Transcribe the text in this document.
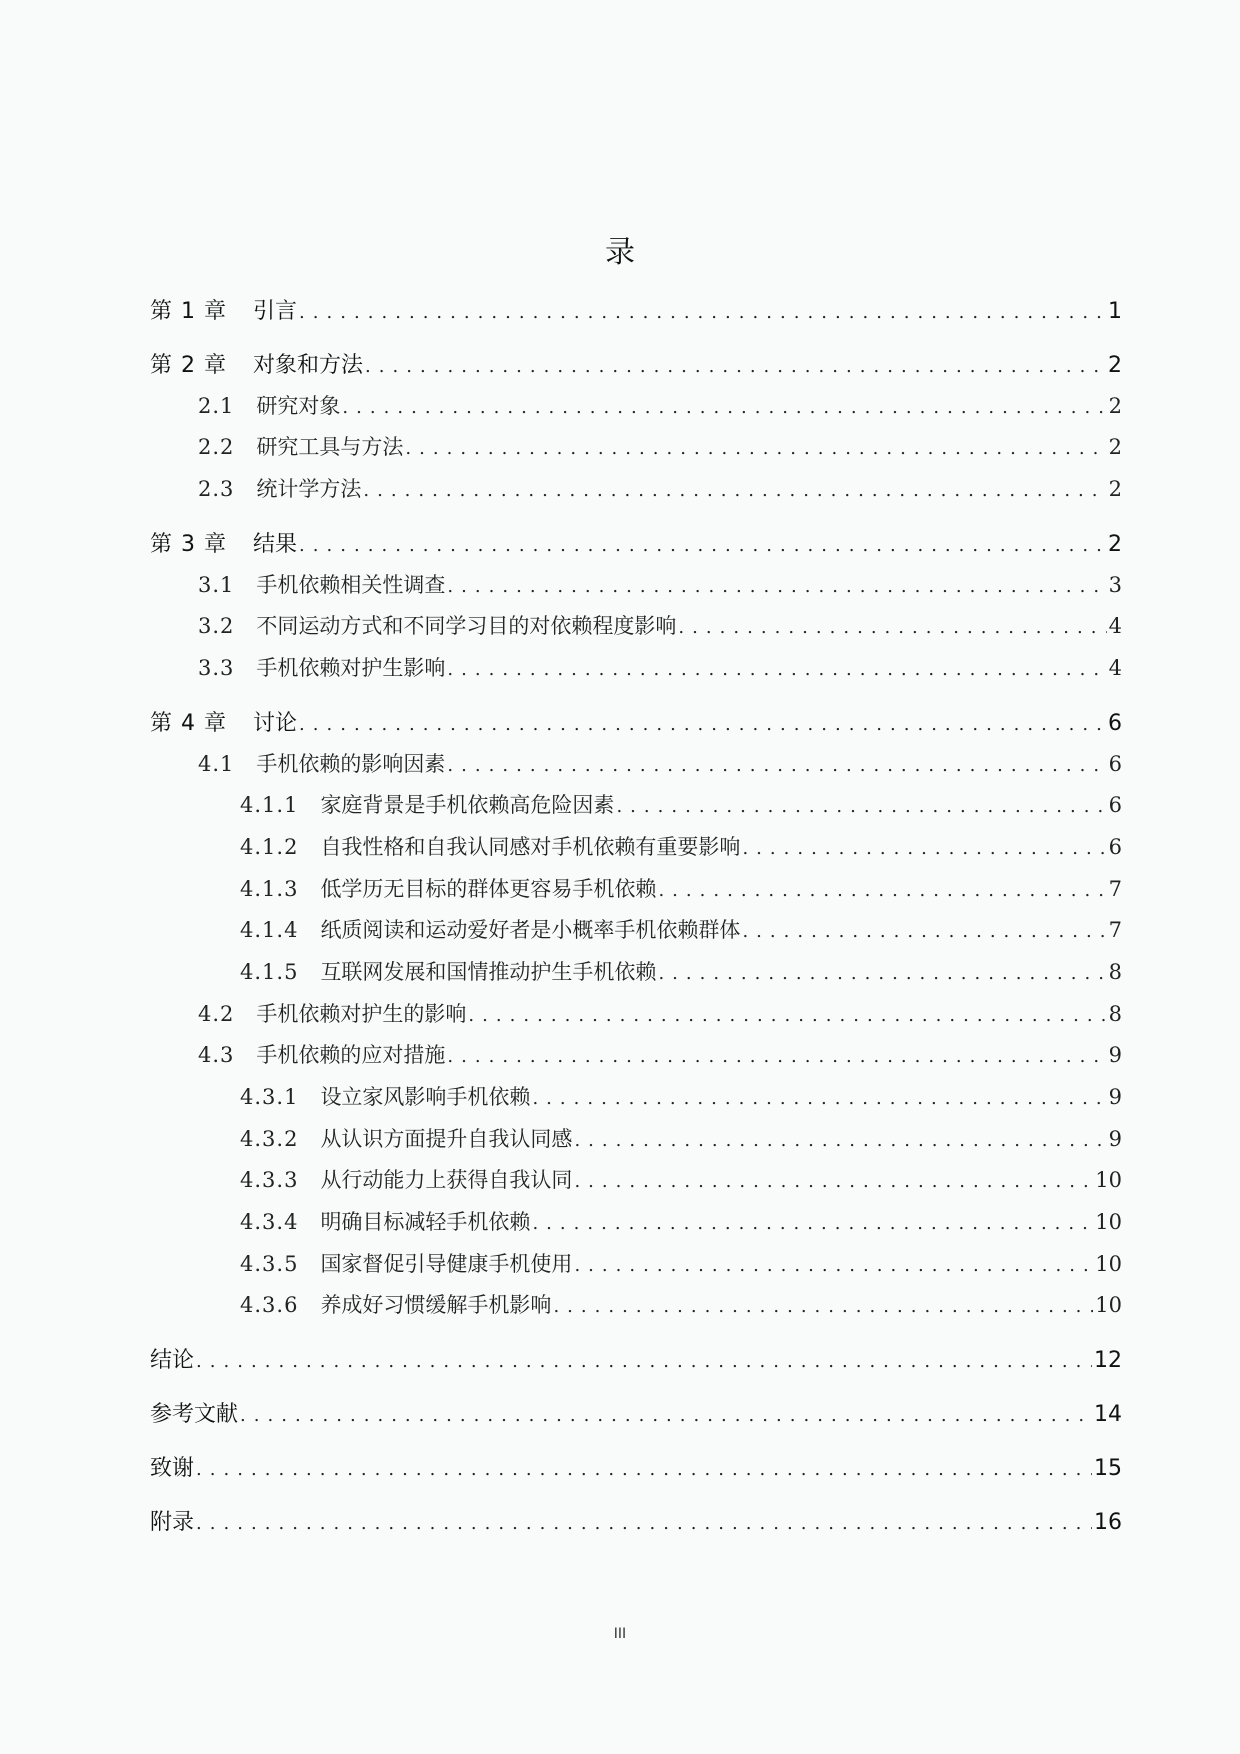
录
第 1 章 引言 . . .	1
第 2 章 对象和方法 . . .	2
2.1 研究对象 . . .	2
2.2 研究工具与方法 . . .	2
2.3 统计学方法 . . .	2
第 3 章 结果 . . .	2
3.1 手机依赖相关性调查 . . .	3
3.2 不同运动方式和不同学习目的对依赖程度影响 . . .	4
3.3 手机依赖对护生影响 . . .	4
第 4 章 讨论 . . .	6
4.1 手机依赖的影响因素 . . .	6
4.1.1 家庭背景是手机依赖高危险因素 . . .	6
4.1.2 自我性格和自我认同感对手机依赖有重要影响 . . .	6
4.1.3 低学历无目标的群体更容易手机依赖 . . .	7
4.1.4 纸质阅读和运动爱好者是小概率手机依赖群体 . . .	7
4.1.5 互联网发展和国情推动护生手机依赖 . . .	8
4.2 手机依赖对护生的影响 . . .	8
4.3 手机依赖的应对措施 . . .	9
4.3.1 设立家风影响手机依赖 . . .	9
4.3.2 从认识方面提升自我认同感 . . .	9
4.3.3 从行动能力上获得自我认同 . . .	10
4.3.4 明确目标减轻手机依赖 . . .	10
4.3.5 国家督促引导健康手机使用 . . .	10
4.3.6 养成好习惯缓解手机影响 . . .	10
结论 . . .	12
参考文献 . . .	14
致谢 . . .	15
附录 . . .	16
III
